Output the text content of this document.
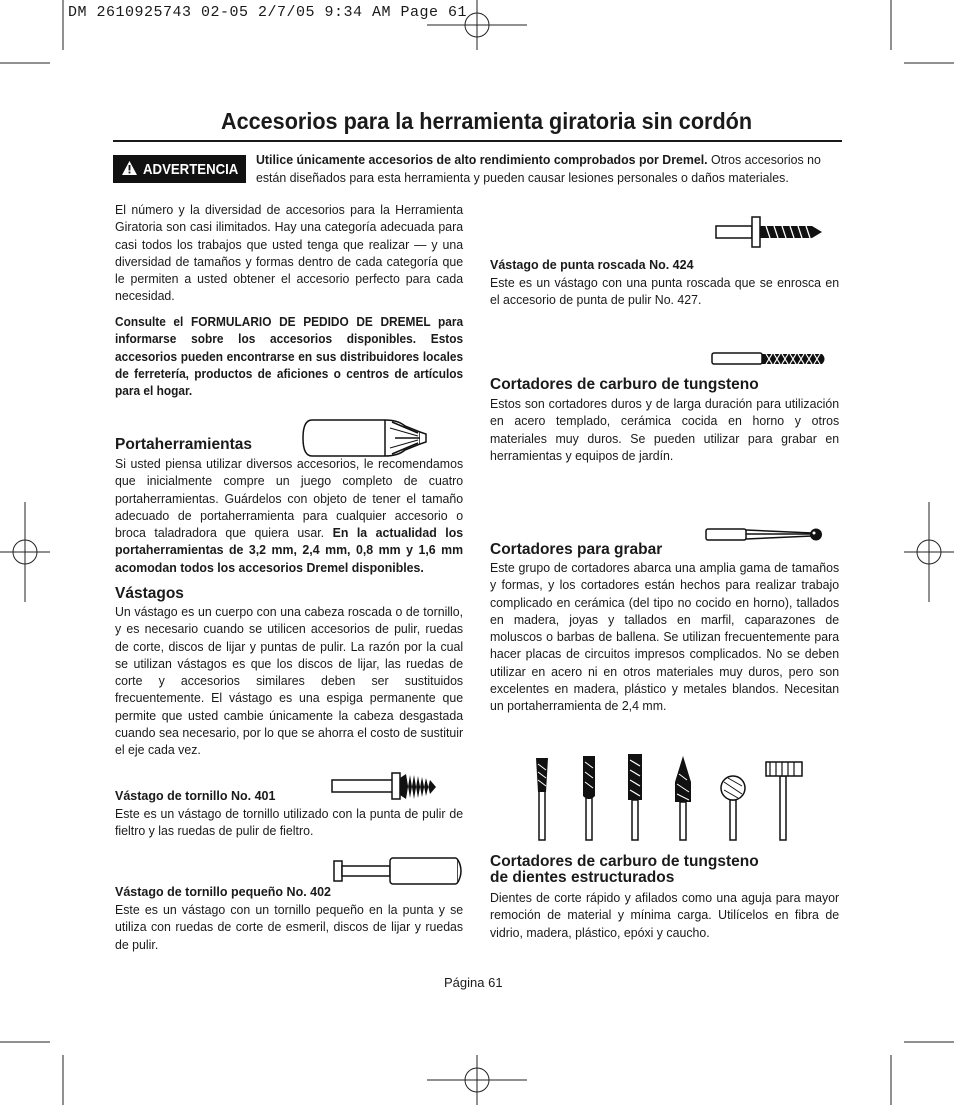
DM 2610925743 02-05 2/7/05 9:34 AM Page 61
Accesorios para la herramienta giratoria sin cordón
ADVERTENCIA
Utilice únicamente accesorios de alto rendimiento comprobados por Dremel. Otros accesorios no están diseñados para esta herramienta y pueden causar lesiones personales o daños materiales.
El número y la diversidad de accesorios para la Herramienta Giratoria son casi ilimitados. Hay una categoría adecuada para casi todos los trabajos que usted tenga que realizar — y una diversidad de tamaños y formas dentro de cada categoría que le permiten a usted obtener el accesorio perfecto para cada necesidad.
Consulte el FORMULARIO DE PEDIDO DE DREMEL para informarse sobre los accesorios disponibles. Estos accesorios pueden encontrarse en sus distribuidores locales de ferretería, productos de aficiones o centros de artículos para el hogar.
Portaherramientas
Si usted piensa utilizar diversos accesorios, le recomendamos que inicialmente compre un juego completo de cuatro portaherramientas. Guárdelos con objeto de tener el tamaño adecuado de portaherramienta para cualquier accesorio o broca taladradora que quiera usar. En la actualidad los portaherramientas de 3,2 mm, 2,4 mm, 0,8 mm y 1,6 mm acomodan todos los accesorios Dremel disponibles.
Vástagos
Un vástago es un cuerpo con una cabeza roscada o de tornillo, y es necesario cuando se utilicen accesorios de pulir, ruedas de corte, discos de lijar y puntas de pulir. La razón por la cual se utilizan vástagos es que los discos de lijar, las ruedas de corte y accesorios similares deben ser sustituidos frecuentemente. El vástago es una espiga permanente que permite que usted cambie únicamente la cabeza desgastada cuando sea necesario, por lo que se ahorra el costo de sustituir el eje cada vez.
Vástago de tornillo No. 401
Este es un vástago de tornillo utilizado con la punta de pulir de fieltro y las ruedas de pulir de fieltro.
Vástago de tornillo pequeño No. 402
Este es un vástago con un tornillo pequeño en la punta y se utiliza con ruedas de corte de esmeril, discos de lijar y ruedas de pulir.
Vástago de punta roscada No. 424
Este es un vástago con una punta roscada que se enrosca en el accesorio de punta de pulir No. 427.
Cortadores de carburo de tungsteno
Estos son cortadores duros y de larga duración para utilización en acero templado, cerámica cocida en horno y otros materiales muy duros. Se pueden utilizar para grabar en herramientas y equipos de jardín.
Cortadores para grabar
Este grupo de cortadores abarca una amplia gama de tamaños y formas, y los cortadores están hechos para realizar trabajo complicado en cerámica (del tipo no cocido en horno), tallados en madera, joyas y tallados en marfil, caparazones de moluscos o barbas de ballena. Se utilizan frecuentemente para hacer placas de circuitos impresos complicados. No se deben utilizar en acero ni en otros materiales muy duros, pero son excelentes en madera, plástico y metales blandos. Necesitan un portaherramienta de 2,4 mm.
Cortadores de carburo de tungsteno
de dientes estructurados
Dientes de corte rápido y afilados como una aguja para mayor remoción de material y mínima carga. Utilícelos en fibra de vidrio, madera, plástico, epóxi y caucho.
Página 61
